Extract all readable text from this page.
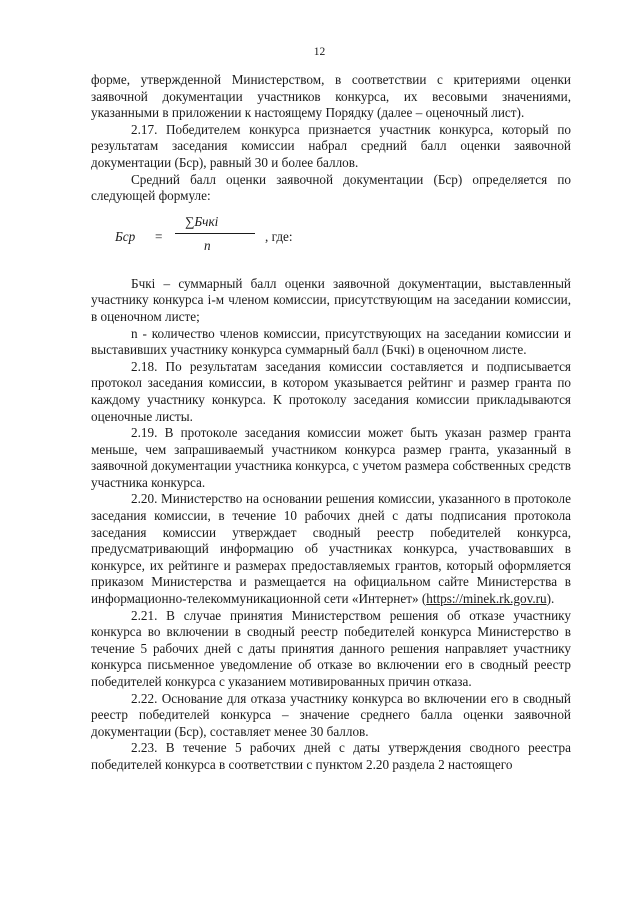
12

форме, утвержденной Министерством, в соответствии с критериями оценки заявочной документации участников конкурса, их весовыми значениями, указанными в приложении к настоящему Порядку (далее – оценочный лист).

2.17. Победителем конкурса признается участник конкурса, который по результатам заседания комиссии набрал средний балл оценки заявочной документации (Бср), равный 30 и более баллов.

Средний балл оценки заявочной документации (Бср) определяется по следующей формуле:

Бср =
∑Бчкi
n
, где:

Бчкi – суммарный балл оценки заявочной документации, выставленный участнику конкурса i-м членом комиссии, присутствующим на заседании комиссии, в оценочном листе;

n - количество членов комиссии, присутствующих на заседании комиссии и выставивших участнику конкурса суммарный балл (Бчкi) в оценочном листе.

2.18. По результатам заседания комиссии составляется и подписывается протокол заседания комиссии, в котором указывается рейтинг и размер гранта по каждому участнику конкурса. К протоколу заседания комиссии прикладываются оценочные листы.

2.19. В протоколе заседания комиссии может быть указан размер гранта меньше, чем запрашиваемый участником конкурса размер гранта, указанный в заявочной документации участника конкурса, с учетом размера собственных средств участника конкурса.

2.20. Министерство на основании решения комиссии, указанного в протоколе заседания комиссии, в течение 10 рабочих дней с даты подписания протокола заседания комиссии утверждает сводный реестр победителей конкурса, предусматривающий информацию об участниках конкурса, участвовавших в конкурсе, их рейтинге и размерах предоставляемых грантов, который оформляется приказом Министерства и размещается на официальном сайте Министерства в информационно-телекоммуникационной сети «Интернет» (https://minek.rk.gov.ru).

2.21. В случае принятия Министерством решения об отказе участнику конкурса во включении в сводный реестр победителей конкурса Министерство в течение 5 рабочих дней с даты принятия данного решения направляет участнику конкурса письменное уведомление об отказе во включении его в сводный реестр победителей конкурса с указанием мотивированных причин отказа.

2.22. Основание для отказа участнику конкурса во включении его в сводный реестр победителей конкурса – значение среднего балла оценки заявочной документации (Бср), составляет менее 30 баллов.

2.23. В течение 5 рабочих дней с даты утверждения сводного реестра победителей конкурса в соответствии с пунктом 2.20 раздела 2 настоящего
